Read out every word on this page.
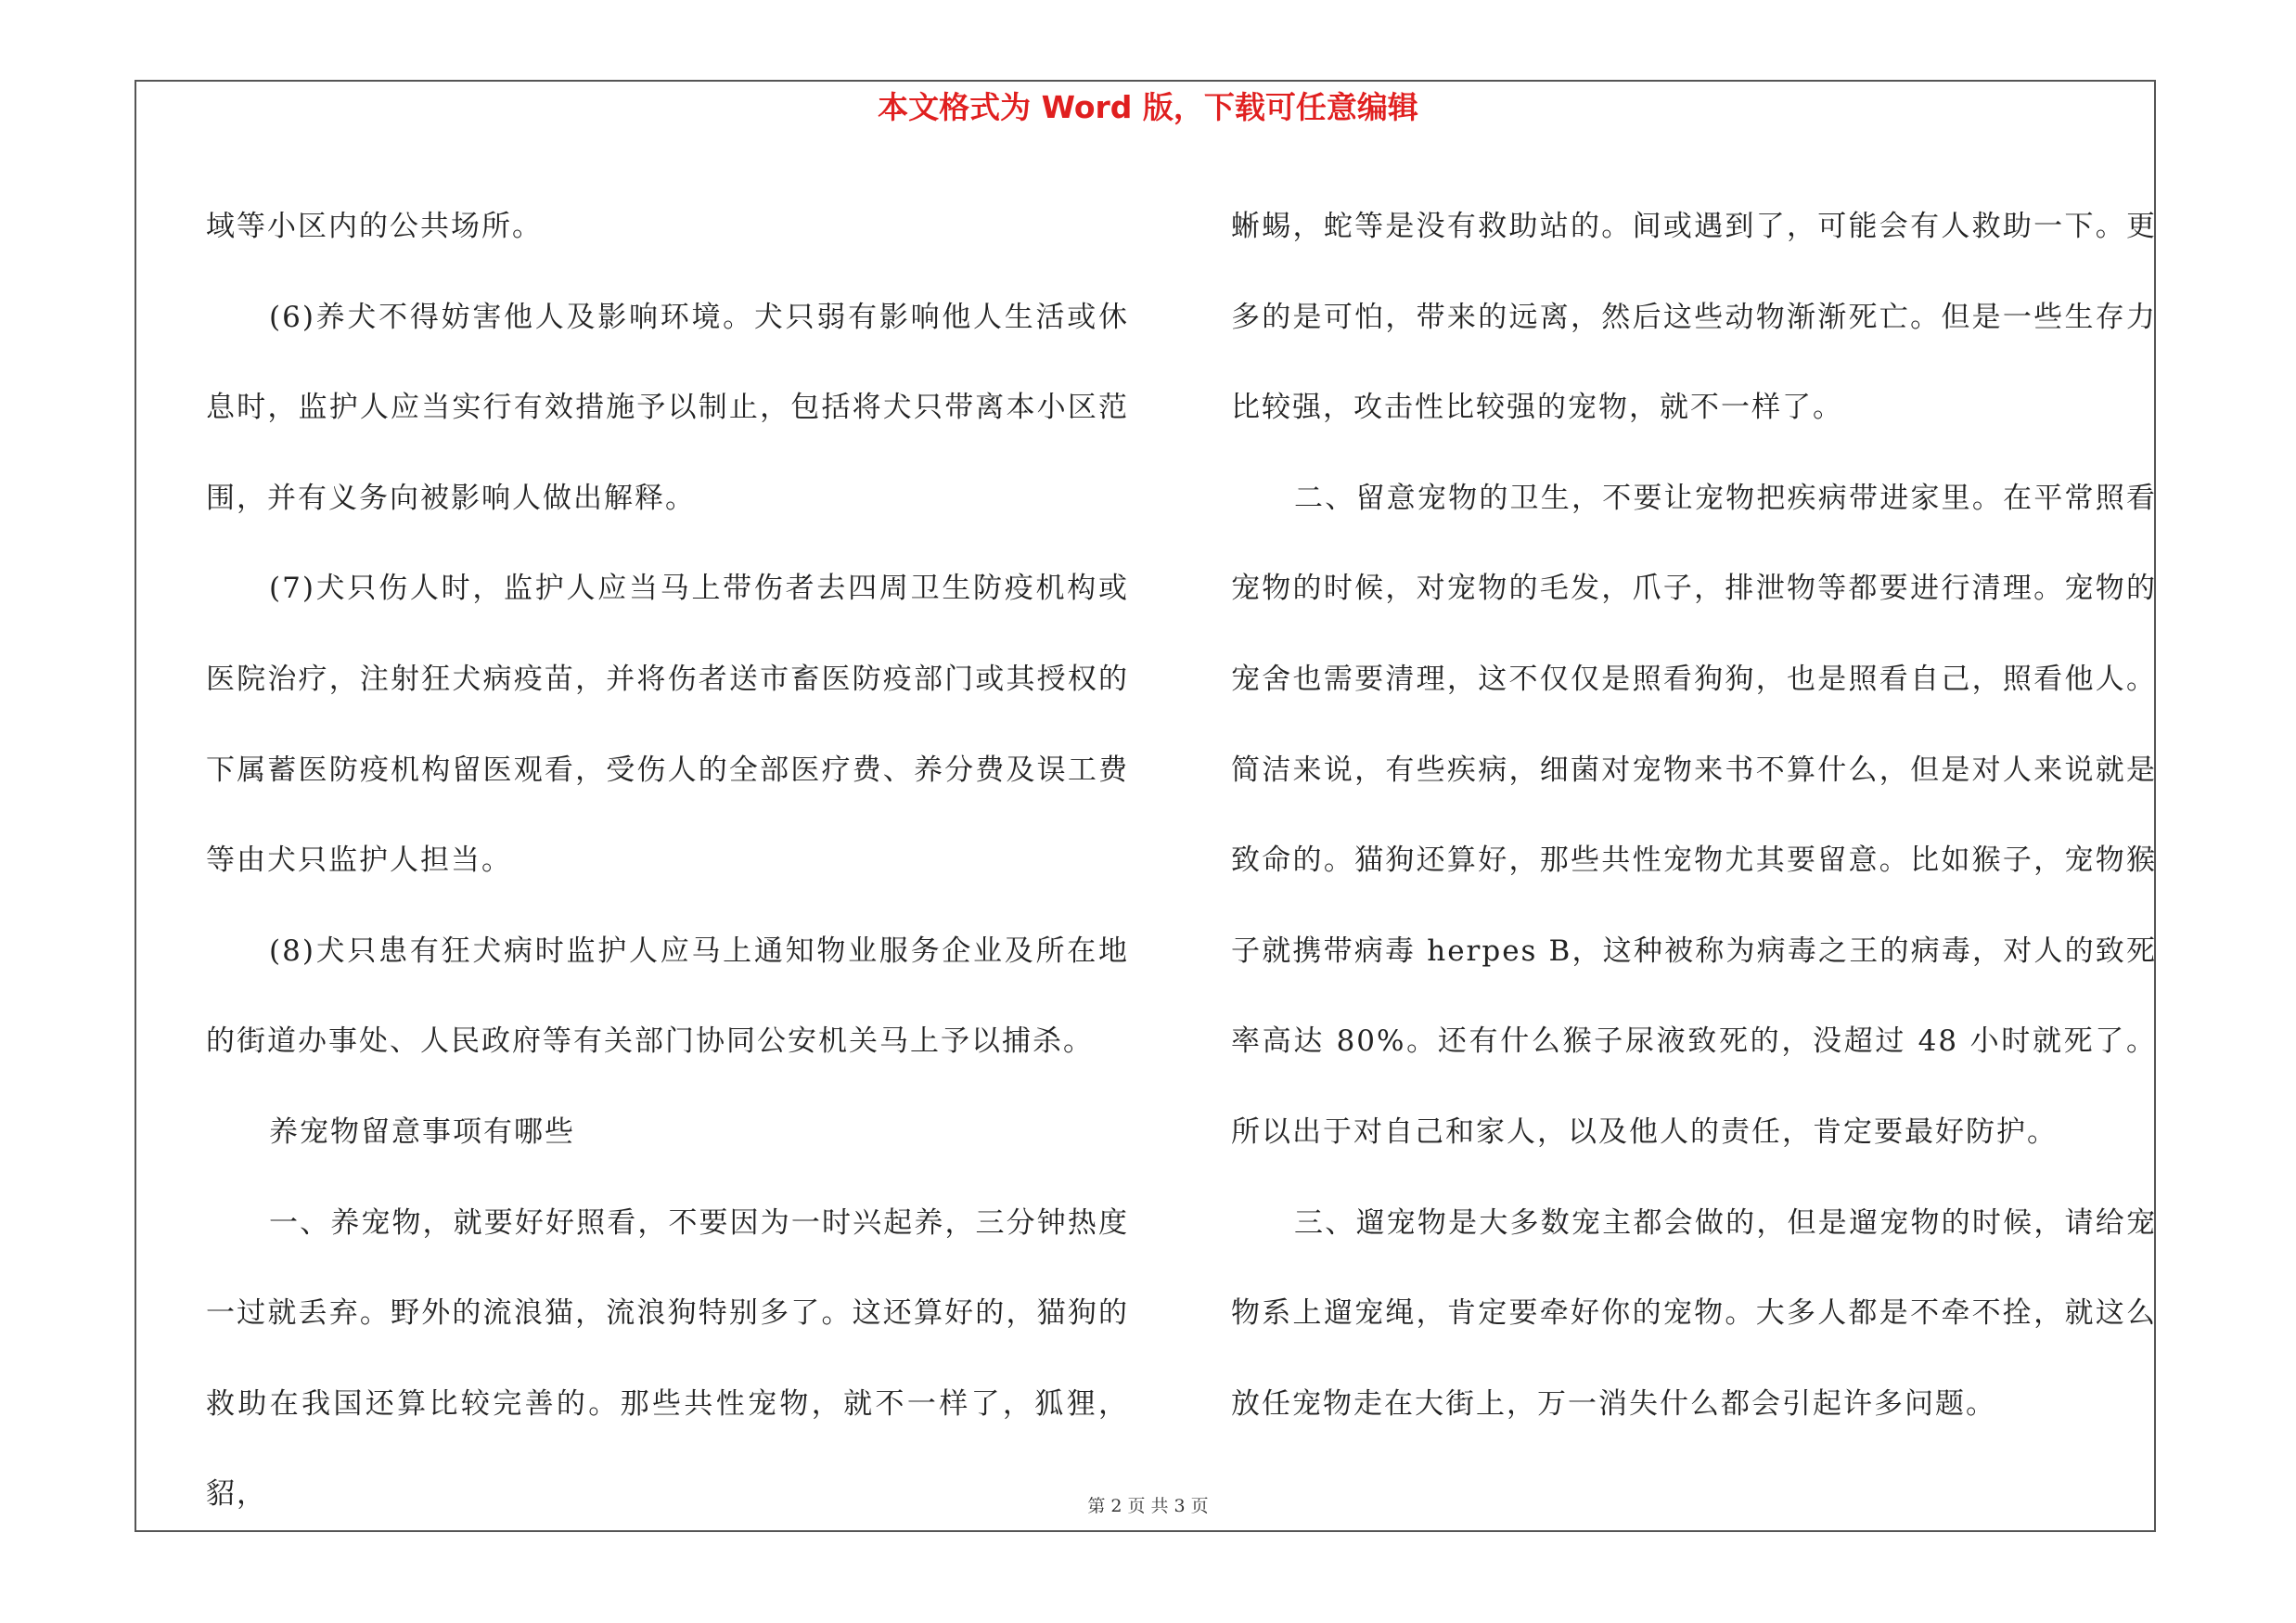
本文格式为 Word 版，下载可任意编辑

域等小区内的公共场所。

(6)养犬不得妨害他人及影响环境。犬只弱有影响他人生活或休息时，监护人应当实行有效措施予以制止，包括将犬只带离本小区范围，并有义务向被影响人做出解释。

(7)犬只伤人时，监护人应当马上带伤者去四周卫生防疫机构或医院治疗，注射狂犬病疫苗，并将伤者送市畜医防疫部门或其授权的下属蓄医防疫机构留医观看，受伤人的全部医疗费、养分费及误工费等由犬只监护人担当。

(8)犬只患有狂犬病时监护人应马上通知物业服务企业及所在地的街道办事处、人民政府等有关部门协同公安机关马上予以捕杀。

养宠物留意事项有哪些

一、养宠物，就要好好照看，不要因为一时兴起养，三分钟热度一过就丢弃。野外的流浪猫，流浪狗特别多了。这还算好的，猫狗的救助在我国还算比较完善的。那些共性宠物，就不一样了，狐狸，貂，

蜥蜴，蛇等是没有救助站的。间或遇到了，可能会有人救助一下。更多的是可怕，带来的远离，然后这些动物渐渐死亡。但是一些生存力比较强，攻击性比较强的宠物，就不一样了。

二、留意宠物的卫生，不要让宠物把疾病带进家里。在平常照看宠物的时候，对宠物的毛发，爪子，排泄物等都要进行清理。宠物的宠舍也需要清理，这不仅仅是照看狗狗，也是照看自己，照看他人。简洁来说，有些疾病，细菌对宠物来书不算什么，但是对人来说就是致命的。猫狗还算好，那些共性宠物尤其要留意。比如猴子，宠物猴子就携带病毒 herpes B，这种被称为病毒之王的病毒，对人的致死率高达 80%。还有什么猴子尿液致死的，没超过 48 小时就死了。所以出于对自己和家人，以及他人的责任，肯定要最好防护。

三、遛宠物是大多数宠主都会做的，但是遛宠物的时候，请给宠物系上遛宠绳，肯定要牵好你的宠物。大多人都是不牵不拴，就这么放任宠物走在大街上，万一消失什么都会引起许多问题。

第 2 页 共 3 页
